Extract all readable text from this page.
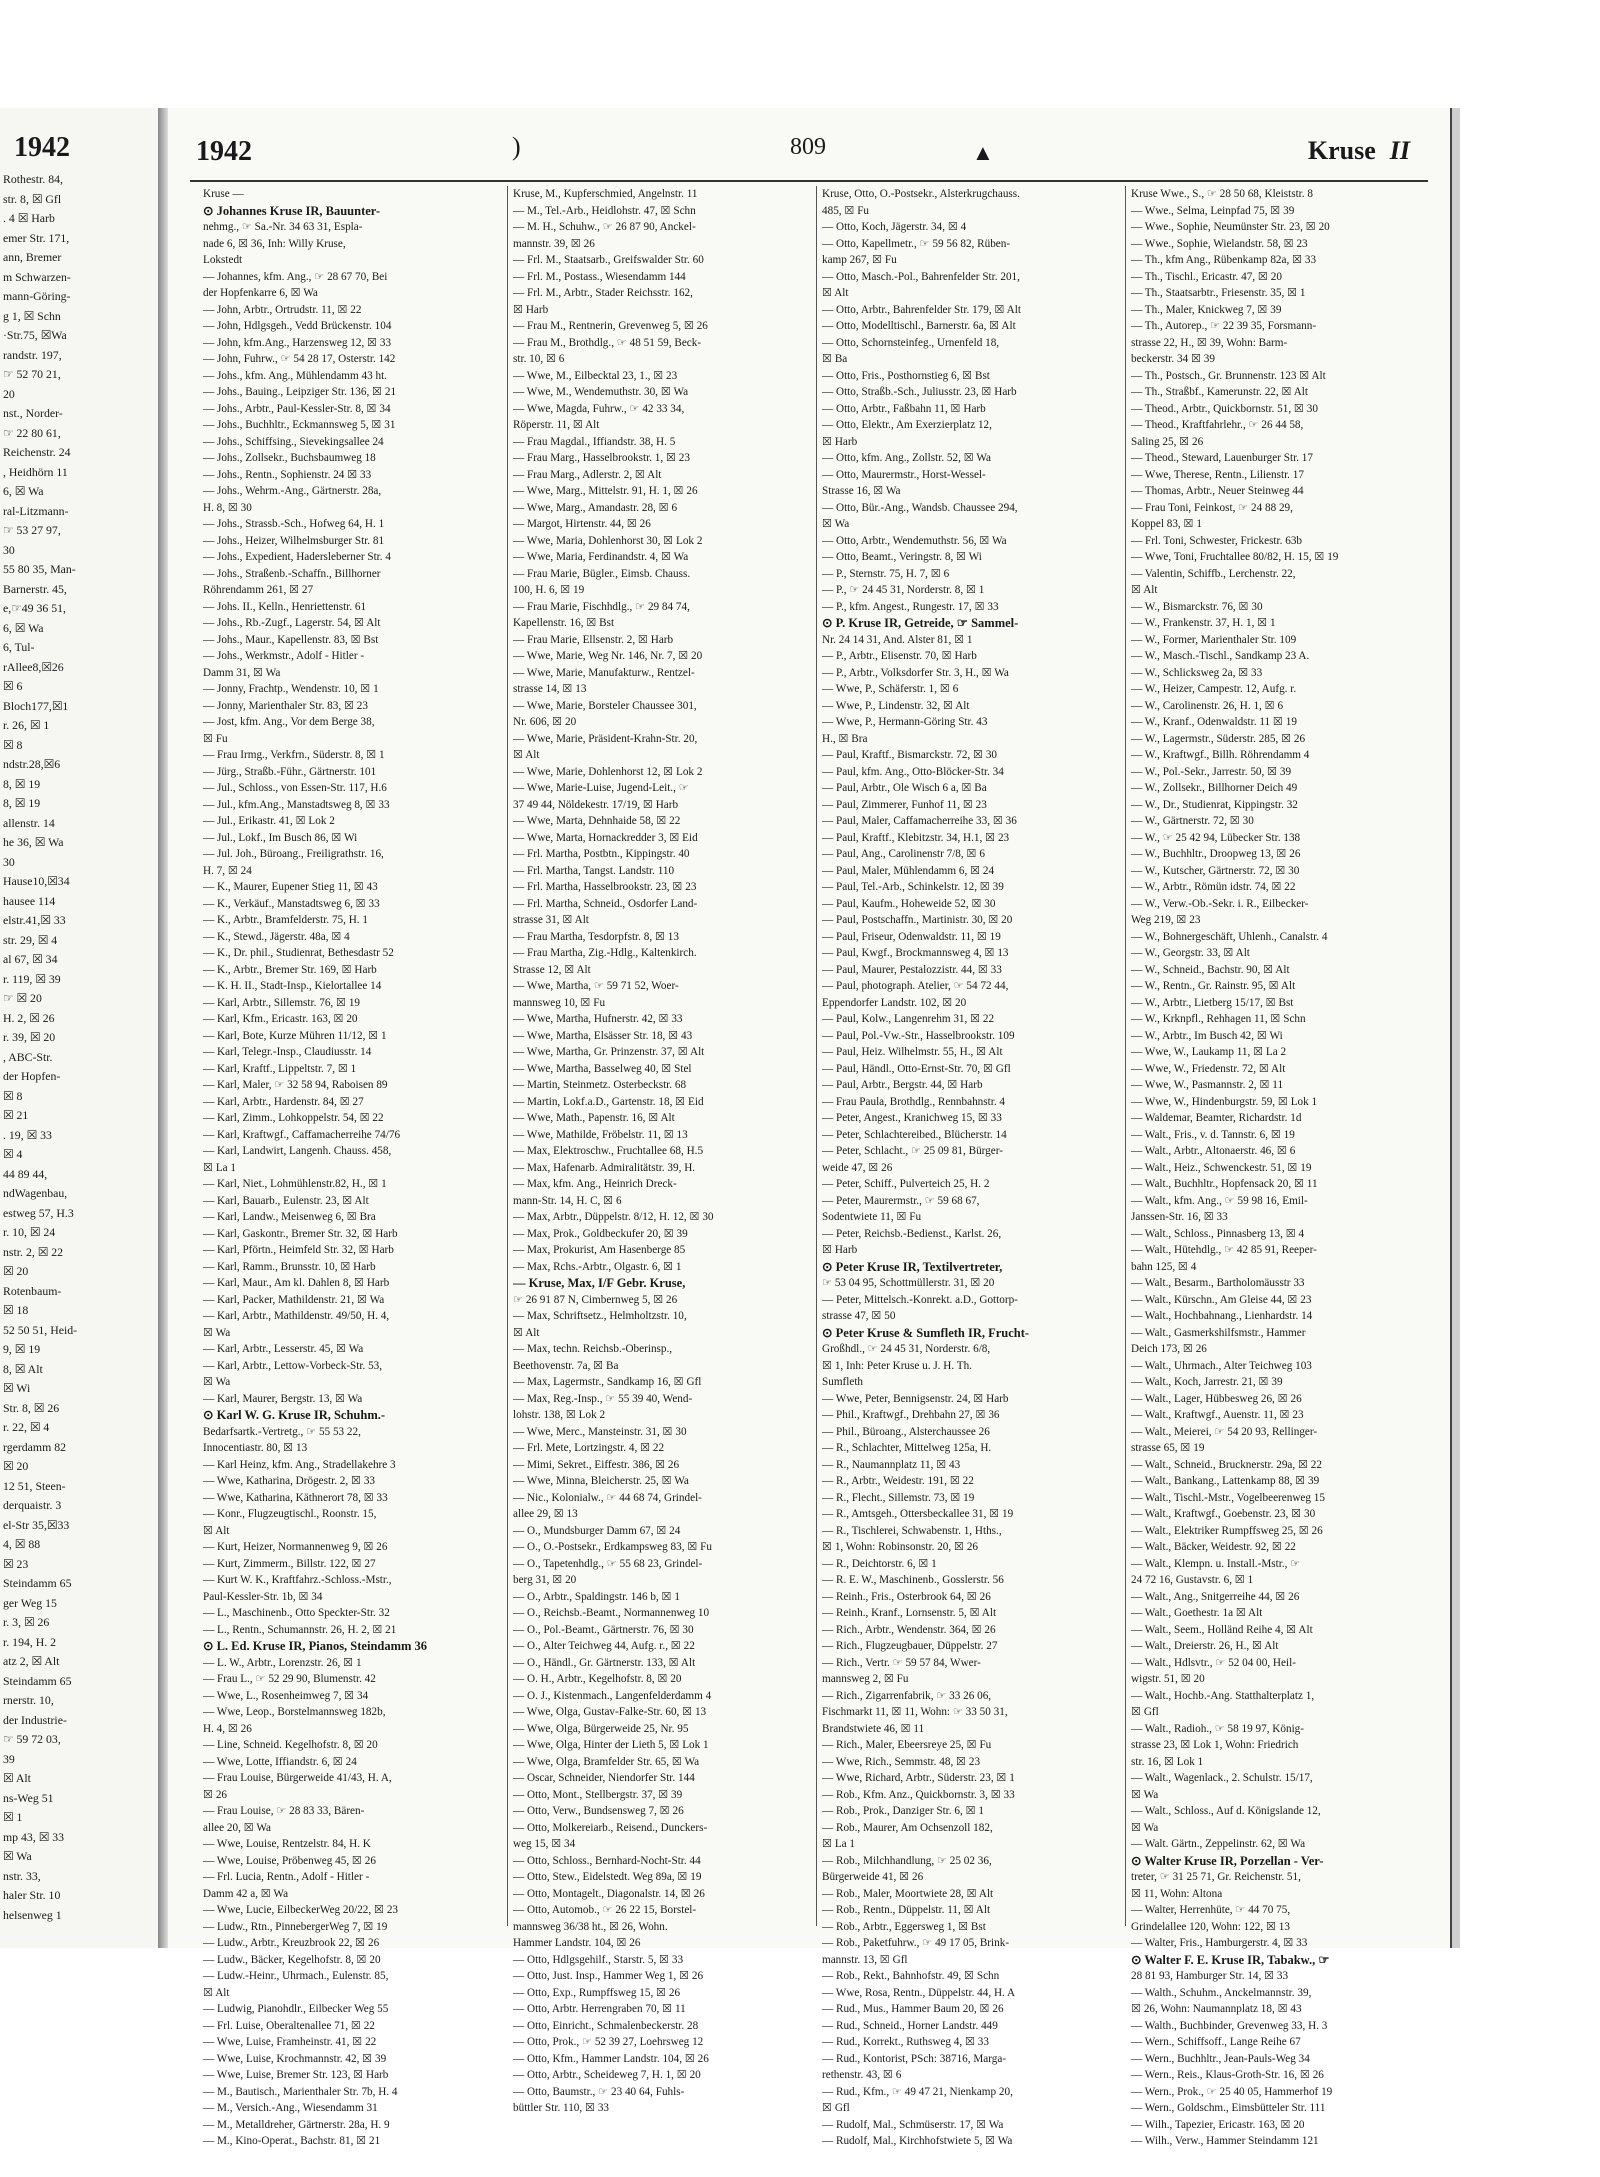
1942
Rothestr. 84,
str. 8, ☒ Gfl
. 4 ☒ Harb
emer Str. 171,
ann, Bremer
m Schwarzen-
mann-Göring-
g 1, ☒ Schn
·Str.75, ☒Wa
randstr. 197,
☞ 52 70 21,
20
nst., Norder-
☞ 22 80 61,
Reichenstr. 24
, Heidhörn 11
6, ☒ Wa
ral-Litzmann-
☞ 53 27 97,
30
55 80 35, Man-
Barnerstr. 45,
e,☞49 36 51,
6, ☒ Wa
6, Tul-
rAllee8,☒26
☒ 6
Bloch177,☒1
r. 26, ☒ 1
☒ 8
ndstr.28,☒6
8, ☒ 19
8, ☒ 19
allenstr. 14
he 36, ☒ Wa
30
Hause10,☒34
hausee 114
elstr.41,☒ 33
str. 29, ☒ 4
al 67, ☒ 34
r. 119, ☒ 39
☞ ☒ 20
H. 2, ☒ 26
r. 39, ☒ 20
, ABC-Str.
der Hopfen-
☒ 8
☒ 21
. 19, ☒ 33
☒ 4
44 89 44,
ndWagenbau,
estweg 57, H.3
r. 10, ☒ 24
nstr. 2, ☒ 22
☒ 20
Rotenbaum-
☒ 18
52 50 51, Heid-
9, ☒ 19
8, ☒ Alt
☒ Wi
Str. 8, ☒ 26
r. 22, ☒ 4
rgerdamm 82
☒ 20
12 51, Steen-
derquaistr. 3
el-Str 35,☒33
4, ☒ 88
☒ 23
Steindamm 65
ger Weg 15
r. 3, ☒ 26
r. 194, H. 2
atz 2, ☒ Alt
Steindamm 65
rnerstr. 10,
der Industrie-
☞ 59 72 03,
39
☒ Alt
ns-Weg 51
☒ 1
mp 43, ☒ 33
☒ Wa
nstr. 33,
haler Str. 10
helsenweg 1
1942	)	809	▲	Kruse II
Kruse —
⊙ Johannes Kruse IR, Bauunter-
nehmg., ☞ Sa.-Nr. 34 63 31, Espla-
nade 6, ☒ 36, Inh: Willy Kruse,
Lokstedt
— Johannes, kfm. Ang., ☞ 28 67 70, Bei
der Hopfenkarre 6, ☒ Wa
— John, Arbtr., Ortrudstr. 11, ☒ 22
— John, Hdlgsgeh., Vedd Brückenstr. 104
— John, kfm.Ang., Harzensweg 12, ☒ 33
— John, Fuhrw., ☞ 54 28 17, Osterstr. 142
— Johs., kfm. Ang., Mühlendamm 43 ht.
— Johs., Bauing., Leipziger Str. 136, ☒ 21
— Johs., Arbtr., Paul-Kessler-Str. 8, ☒ 34
— Johs., Buchhltr., Eckmannsweg 5, ☒ 31
— Johs., Schiffsing., Sievekingsallee 24
— Johs., Zollsekr., Buchsbaumweg 18
— Johs., Rentn., Sophienstr. 24 ☒ 33
— Johs., Wehrm.-Ang., Gärtnerstr. 28a,
H. 8, ☒ 30
— Johs., Strassb.-Sch., Hofweg 64, H. 1
— Johs., Heizer, Wilhelmsburger Str. 81
— Johs., Expedient, Hadersleberner Str. 4
— Johs., Straßenb.-Schaffn., Billhorner
Röhrendamm 261, ☒ 27
— Johs. II., Kelln., Henriettenstr. 61
— Johs., Rb.-Zugf., Lagerstr. 54, ☒ Alt
— Johs., Maur., Kapellenstr. 83, ☒ Bst
— Johs., Werkmstr., Adolf - Hitler -
Damm 31, ☒ Wa
— Jonny, Frachtp., Wendenstr. 10, ☒ 1
— Jonny, Marienthaler Str. 83, ☒ 23
— Jost, kfm. Ang., Vor dem Berge 38,
☒ Fu
— Frau Irmg., Verkfrn., Süderstr. 8, ☒ 1
— Jürg., Straßb.-Führ., Gärtnerstr. 101
— Jul., Schloss., von Essen-Str. 117, H.6
— Jul., kfm.Ang., Manstadtsweg 8, ☒ 33
— Jul., Erikastr. 41, ☒ Lok 2
— Jul., Lokf., Im Busch 86, ☒ Wi
— Jul. Joh., Büroang., Freiligrathstr. 16,
H. 7, ☒ 24
— K., Maurer, Eupener Stieg 11, ☒ 43
— K., Verkäuf., Manstadtsweg 6, ☒ 33
— K., Arbtr., Bramfelderstr. 75, H. 1
— K., Stewd., Jägerstr. 48a, ☒ 4
— K., Dr. phil., Studienrat, Bethesdastr 52
— K., Arbtr., Bremer Str. 169, ☒ Harb
— K. H. II., Stadt-Insp., Kielortallee 14
— Karl, Arbtr., Sillemstr. 76, ☒ 19
— Karl, Kfm., Ericastr. 163, ☒ 20
— Karl, Bote, Kurze Mühren 11/12, ☒ 1
— Karl, Telegr.-Insp., Claudiusstr. 14
— Karl, Kraftf., Lippeltstr. 7, ☒ 1
— Karl, Maler, ☞ 32 58 94, Raboisen 89
— Karl, Arbtr., Hardenstr. 84, ☒ 27
— Karl, Zimm., Lohkoppelstr. 54, ☒ 22
— Karl, Kraftwgf., Caffamacherreihe 74/76
— Karl, Landwirt, Langenh. Chauss. 458,
☒ La 1
— Karl, Niet., Lohmühlenstr.82, H., ☒ 1
— Karl, Bauarb., Eulenstr. 23, ☒ Alt
— Karl, Landw., Meisenweg 6, ☒ Bra
— Karl, Gaskontr., Bremer Str. 32, ☒ Harb
— Karl, Pförtn., Heimfeld Str. 32, ☒ Harb
— Karl, Ramm., Brunsstr. 10, ☒ Harb
— Karl, Maur., Am kl. Dahlen 8, ☒ Harb
— Karl, Packer, Mathildenstr. 21, ☒ Wa
— Karl, Arbtr., Mathildenstr. 49/50, H. 4,
☒ Wa
— Karl, Arbtr., Lesserstr. 45, ☒ Wa
— Karl, Arbtr., Lettow-Vorbeck-Str. 53,
☒ Wa
— Karl, Maurer, Bergstr. 13, ☒ Wa
⊙ Karl W. G. Kruse IR, Schuhm.-
Bedarfsartk.-Vertretg., ☞ 55 53 22,
Innocentiastr. 80, ☒ 13
— Karl Heinz, kfm. Ang., Stradellakehre 3
— Wwe, Katharina, Drögestr. 2, ☒ 33
— Wwe, Katharina, Käthnerort 78, ☒ 33
— Konr., Flugzeugtischl., Roonstr. 15,
☒ Alt
— Kurt, Heizer, Normannenweg 9, ☒ 26
— Kurt, Zimmerm., Billstr. 122, ☒ 27
— Kurt W. K., Kraftfahrz.-Schloss.-Mstr.,
Paul-Kessler-Str. 1b, ☒ 34
— L., Maschinenb., Otto Speckter-Str. 32
— L., Rentn., Schumannstr. 26, H. 2, ☒ 21
⊙ L. Ed. Kruse IR, Pianos, Steindamm 36
— L. W., Arbtr., Lorenzstr. 26, ☒ 1
— Frau L., ☞ 52 29 90, Blumenstr. 42
— Wwe, L., Rosenheimweg 7, ☒ 34
— Wwe, Leop., Borstelmannsweg 182b,
H. 4, ☒ 26
— Line, Schneid. Kegelhofstr. 8, ☒ 20
— Wwe, Lotte, Iffiandstr. 6, ☒ 24
— Frau Louise, Bürgerweide 41/43, H. A,
☒ 26
— Frau Louise, ☞ 28 83 33, Bären-
allee 20, ☒ Wa
— Wwe, Louise, Rentzelstr. 84, H. K
— Wwe, Louise, Pröbenweg 45, ☒ 26
— Frl. Lucia, Rentn., Adolf - Hitler -
Damm 42 a, ☒ Wa
— Wwe, Lucie, EilbeckerWeg 20/22, ☒ 23
— Ludw., Rtn., PinnebergerWeg 7, ☒ 19
— Ludw., Arbtr., Kreuzbrook 22, ☒ 26
— Ludw., Bäcker, Kegelhofstr. 8, ☒ 20
— Ludw.-Heinr., Uhrmach., Eulenstr. 85,
☒ Alt
— Ludwig, Pianohdlr., Eilbecker Weg 55
— Frl. Luise, Oberaltenallee 71, ☒ 22
— Wwe, Luise, Framheinstr. 41, ☒ 22
— Wwe, Luise, Krochmannstr. 42, ☒ 39
— Wwe, Luise, Bremer Str. 123, ☒ Harb
— M., Bautisch., Marienthaler Str. 7b, H. 4
— M., Versich.-Ang., Wiesendamm 31
— M., Metalldreher, Gärtnerstr. 28a, H. 9
— M., Kino-Operat., Bachstr. 81, ☒ 21
Kruse, M., Kupferschmied, Angelnstr. 11
— M., Tel.-Arb., Heidlohstr. 47, ☒ Schn
— M. H., Schuhw., ☞ 26 87 90, Anckel-
mannstr. 39, ☒ 26
— Frl. M., Staatsarb., Greifswalder Str. 60
— Frl. M., Postass., Wiesendamm 144
— Frl. M., Arbtr., Stader Reichsstr. 162,
☒ Harb
— Frau M., Rentnerin, Grevenweg 5, ☒ 26
— Frau M., Brothdlg., ☞ 48 51 59, Beck-
str. 10, ☒ 6
— Wwe, M., Eilbecktal 23, 1., ☒ 23
— Wwe, M., Wendemuthstr. 30, ☒ Wa
— Wwe, Magda, Fuhrw., ☞ 42 33 34,
Röperstr. 11, ☒ Alt
— Frau Magdal., Iffiandstr. 38, H. 5
— Frau Marg., Hasselbrookstr. 1, ☒ 23
— Frau Marg., Adlerstr. 2, ☒ Alt
— Wwe, Marg., Mittelstr. 91, H. 1, ☒ 26
— Wwe, Marg., Amandastr. 28, ☒ 6
— Margot, Hirtenstr. 44, ☒ 26
— Wwe, Maria, Dohlenhorst 30, ☒ Lok 2
— Wwe, Maria, Ferdinandstr. 4, ☒ Wa
— Frau Marie, Bügler., Eimsb. Chauss.
100, H. 6, ☒ 19
— Frau Marie, Fischhdlg., ☞ 29 84 74,
Kapellenstr. 16, ☒ Bst
— Frau Marie, Ellsenstr. 2, ☒ Harb
— Wwe, Marie, Weg Nr. 146, Nr. 7, ☒ 20
— Wwe, Marie, Manufakturw., Rentzel-
strasse 14, ☒ 13
— Wwe, Marie, Borsteler Chaussee 301,
Nr. 606, ☒ 20
— Wwe, Marie, Präsident-Krahn-Str. 20,
☒ Alt
— Wwe, Marie, Dohlenhorst 12, ☒ Lok 2
— Wwe, Marie-Luise, Jugend-Leit., ☞
37 49 44, Nöldekestr. 17/19, ☒ Harb
— Wwe, Marta, Dehnhaide 58, ☒ 22
— Wwe, Marta, Hornackredder 3, ☒ Eid
— Frl. Martha, Postbtn., Kippingstr. 40
— Frl. Martha, Tangst. Landstr. 110
— Frl. Martha, Hasselbrookstr. 23, ☒ 23
— Frl. Martha, Schneid., Osdorfer Land-
strasse 31, ☒ Alt
— Frau Martha, Tesdorpfstr. 8, ☒ 13
— Frau Martha, Zig.-Hdlg., Kaltenkirch.
Strasse 12, ☒ Alt
— Wwe, Martha, ☞ 59 71 52, Woer-
mannsweg 10, ☒ Fu
— Wwe, Martha, Hufnerstr. 42, ☒ 33
— Wwe, Martha, Elsässer Str. 18, ☒ 43
— Wwe, Martha, Gr. Prinzenstr. 37, ☒ Alt
— Wwe, Martha, Basselweg 40, ☒ Stel
— Martin, Steinmetz. Osterbeckstr. 68
— Martin, Lokf.a.D., Gartenstr. 18, ☒ Eid
— Wwe, Math., Papenstr. 16, ☒ Alt
— Wwe, Mathilde, Fröbelstr. 11, ☒ 13
— Max, Elektroschw., Fruchtallee 68, H.5
— Max, Hafenarb. Admiralitätstr. 39, H.
— Max, kfm. Ang., Heinrich Dreck-
mann-Str. 14, H. C, ☒ 6
— Max, Arbtr., Düppelstr. 8/12, H. 12, ☒ 30
— Max, Prok., Goldbeckufer 20, ☒ 39
— Max, Prokurist, Am Hasenberge 85
— Max, Rchs.-Arbtr., Olgastr. 6, ☒ 1
— Kruse, Max, I/F Gebr. Kruse,
☞ 26 91 87 N, Cimbernweg 5, ☒ 26
— Max, Schriftsetz., Helmholtzstr. 10,
☒ Alt
— Max, techn. Reichsb.-Oberinsp.,
Beethovenstr. 7a, ☒ Ba
— Max, Lagermstr., Sandkamp 16, ☒ Gfl
— Max, Reg.-Insp., ☞ 55 39 40, Wend-
lohstr. 138, ☒ Lok 2
— Wwe, Merc., Mansteinstr. 31, ☒ 30
— Frl. Mete, Lortzingstr. 4, ☒ 22
— Mimi, Sekret., Eiffestr. 386, ☒ 26
— Wwe, Minna, Bleicherstr. 25, ☒ Wa
— Nic., Kolonialw., ☞ 44 68 74, Grindel-
allee 29, ☒ 13
— O., Mundsburger Damm 67, ☒ 24
— O., O.-Postsekr., Erdkampsweg 83, ☒ Fu
— O., Tapetenhdlg., ☞ 55 68 23, Grindel-
berg 31, ☒ 20
— O., Arbtr., Spaldingstr. 146 b, ☒ 1
— O., Reichsb.-Beamt., Normannenweg 10
— O., Pol.-Beamt., Gärtnerstr. 76, ☒ 30
— O., Alter Teichweg 44, Aufg. r., ☒ 22
— O., Händl., Gr. Gärtnerstr. 133, ☒ Alt
— O. H., Arbtr., Kegelhofstr. 8, ☒ 20
— O. J., Kistenmach., Langenfelderdamm 4
— Wwe, Olga, Gustav-Falke-Str. 60, ☒ 13
— Wwe, Olga, Bürgerweide 25, Nr. 95
— Wwe, Olga, Hinter der Lieth 5, ☒ Lok 1
— Wwe, Olga, Bramfelder Str. 65, ☒ Wa
— Oscar, Schneider, Niendorfer Str. 144
— Otto, Mont., Stellbergstr. 37, ☒ 39
— Otto, Verw., Bundsensweg 7, ☒ 26
— Otto, Molkereiarb., Reisend., Dunckers-
weg 15, ☒ 34
— Otto, Schloss., Bernhard-Nocht-Str. 44
— Otto, Stew., Eidelstedt. Weg 89a, ☒ 19
— Otto, Montagelt., Diagonalstr. 14, ☒ 26
— Otto, Automob., ☞ 26 22 15, Borstel-
mannsweg 36/38 ht., ☒ 26, Wohn.
Hammer Landstr. 104, ☒ 26
— Otto, Hdlgsgehilf., Starstr. 5, ☒ 33
— Otto, Just. Insp., Hammer Weg 1, ☒ 26
— Otto, Exp., Rumpffsweg 15, ☒ 26
— Otto, Arbtr. Herrengraben 70, ☒ 11
— Otto, Einricht., Schmalenbeckerstr. 28
— Otto, Prok., ☞ 52 39 27, Loehrsweg 12
— Otto, Kfm., Hammer Landstr. 104, ☒ 26
— Otto, Arbtr., Scheideweg 7, H. 1, ☒ 20
— Otto, Baumstr., ☞ 23 40 64, Fuhls-
büttler Str. 110, ☒ 33
Kruse, Otto, O.-Postsekr., Alsterkrugchauss.
485, ☒ Fu
— Otto, Koch, Jägerstr. 34, ☒ 4
— Otto, Kapellmetr., ☞ 59 56 82, Rüben-
kamp 267, ☒ Fu
— Otto, Masch.-Pol., Bahrenfelder Str. 201,
☒ Alt
— Otto, Arbtr., Bahrenfelder Str. 179, ☒ Alt
— Otto, Modelltischl., Barnerstr. 6a, ☒ Alt
— Otto, Schornsteinfeg., Urnenfeld 18,
☒ Ba
— Otto, Fris., Posthornstieg 6, ☒ Bst
— Otto, Straßb.-Sch., Juliusstr. 23, ☒ Harb
— Otto, Arbtr., Faßbahn 11, ☒ Harb
— Otto, Elektr., Am Exerzierplatz 12,
☒ Harb
— Otto, kfm. Ang., Zollstr. 52, ☒ Wa
— Otto, Maurermstr., Horst-Wessel-
Strasse 16, ☒ Wa
— Otto, Bür.-Ang., Wandsb. Chaussee 294,
☒ Wa
— Otto, Arbtr., Wendemuthstr. 56, ☒ Wa
— Otto, Beamt., Veringstr. 8, ☒ Wi
— P., Sternstr. 75, H. 7, ☒ 6
— P., ☞ 24 45 31, Norderstr. 8, ☒ 1
— P., kfm. Angest., Rungestr. 17, ☒ 33
⊙ P. Kruse IR, Getreide, ☞ Sammel-
Nr. 24 14 31, And. Alster 81, ☒ 1
— P., Arbtr., Elisenstr. 70, ☒ Harb
— P., Arbtr., Volksdorfer Str. 3, H., ☒ Wa
— Wwe, P., Schäferstr. 1, ☒ 6
— Wwe, P., Lindenstr. 32, ☒ Alt
— Wwe, P., Hermann-Göring Str. 43
H., ☒ Bra
— Paul, Kraftf., Bismarckstr. 72, ☒ 30
— Paul, kfm. Ang., Otto-Blöcker-Str. 34
— Paul, Arbtr., Ole Wisch 6 a, ☒ Ba
— Paul, Zimmerer, Funhof 11, ☒ 23
— Paul, Maler, Caffamacherreihe 33, ☒ 36
— Paul, Kraftf., Klebitzstr. 34, H.1, ☒ 23
— Paul, Ang., Carolinenstr 7/8, ☒ 6
— Paul, Maler, Mühlendamm 6, ☒ 24
— Paul, Tel.-Arb., Schinkelstr. 12, ☒ 39
— Paul, Kaufm., Hoheweide 52, ☒ 30
— Paul, Postschaffn., Martinistr. 30, ☒ 20
— Paul, Friseur, Odenwaldstr. 11, ☒ 19
— Paul, Kwgf., Brockmannsweg 4, ☒ 13
— Paul, Maurer, Pestalozzistr. 44, ☒ 33
— Paul, photograph. Atelier, ☞ 54 72 44,
Eppendorfer Landstr. 102, ☒ 20
— Paul, Kolw., Langenrehm 31, ☒ 22
— Paul, Pol.-Vw.-Str., Hasselbrookstr. 109
— Paul, Heiz. Wilhelmstr. 55, H., ☒ Alt
— Paul, Händl., Otto-Ernst-Str. 70, ☒ Gfl
— Paul, Arbtr., Bergstr. 44, ☒ Harb
— Frau Paula, Brothdlg., Rennbahnstr. 4
— Peter, Angest., Kranichweg 15, ☒ 33
— Peter, Schlachtereibed., Blücherstr. 14
— Peter, Schlacht., ☞ 25 09 81, Bürger-
weide 47, ☒ 26
— Peter, Schiff., Pulverteich 25, H. 2
— Peter, Maurermstr., ☞ 59 68 67,
Sodentwiete 11, ☒ Fu
— Peter, Reichsb.-Bedienst., Karlst. 26,
☒ Harb
⊙ Peter Kruse IR, Textilvertreter,
☞ 53 04 95, Schottmüllerstr. 31, ☒ 20
— Peter, Mittelsch.-Konrekt. a.D., Gottorp-
strasse 47, ☒ 50
⊙ Peter Kruse & Sumfleth IR, Frucht-
Großhdl., ☞ 24 45 31, Norderstr. 6/8,
☒ 1, Inh: Peter Kruse u. J. H. Th.
Sumfleth
— Wwe, Peter, Bennigsenstr. 24, ☒ Harb
— Phil., Kraftwgf., Drehbahn 27, ☒ 36
— Phil., Büroang., Alsterchaussee 26
— R., Schlachter, Mittelweg 125a, H.
— R., Naumannplatz 11, ☒ 43
— R., Arbtr., Weidestr. 191, ☒ 22
— R., Flecht., Sillemstr. 73, ☒ 19
— R., Amtsgeh., Ottersbeckallee 31, ☒ 19
— R., Tischlerei, Schwabenstr. 1, Hths.,
☒ 1, Wohn: Robinsonstr. 20, ☒ 26
— R., Deichtorstr. 6, ☒ 1
— R. E. W., Maschinenb., Gosslerstr. 56
— Reinh., Fris., Osterbrook 64, ☒ 26
— Reinh., Kranf., Lornsenstr. 5, ☒ Alt
— Rich., Arbtr., Wendenstr. 364, ☒ 26
— Rich., Flugzeugbauer, Düppelstr. 27
— Rich., Vertr. ☞ 59 57 84, Wwer-
mannsweg 2, ☒ Fu
— Rich., Zigarrenfabrik, ☞ 33 26 06,
Fischmarkt 11, ☒ 11, Wohn: ☞ 33 50 31,
Brandstwiete 46, ☒ 11
— Rich., Maler, Ebeersreye 25, ☒ Fu
— Wwe, Rich., Semmstr. 48, ☒ 23
— Wwe, Richard, Arbtr., Süderstr. 23, ☒ 1
— Rob., Kfm. Anz., Quickbornstr. 3, ☒ 33
— Rob., Prok., Danziger Str. 6, ☒ 1
— Rob., Maurer, Am Ochsenzoll 182,
☒ La 1
— Rob., Milchhandlung, ☞ 25 02 36,
Bürgerweide 41, ☒ 26
— Rob., Maler, Moortwiete 28, ☒ Alt
— Rob., Rentn., Düppelstr. 11, ☒ Alt
— Rob., Arbtr., Eggersweg 1, ☒ Bst
— Rob., Paketfuhrw., ☞ 49 17 05, Brink-
mannstr. 13, ☒ Gfl
— Rob., Rekt., Bahnhofstr. 49, ☒ Schn
— Wwe, Rosa, Rentn., Düppelstr. 44, H. A
— Rud., Mus., Hammer Baum 20, ☒ 26
— Rud., Schneid., Horner Landstr. 449
— Rud., Korrekt., Ruthsweg 4, ☒ 33
— Rud., Kontorist, PSch: 38716, Marga-
rethenstr. 43, ☒ 6
— Rud., Kfm., ☞ 49 47 21, Nienkamp 20,
☒ Gfl
— Rudolf, Mal., Schmüserstr. 17, ☒ Wa
— Rudolf, Mal., Kirchhofstwiete 5, ☒ Wa
Kruse Wwe., S., ☞ 28 50 68, Kleiststr. 8
— Wwe., Selma, Leinpfad 75, ☒ 39
— Wwe., Sophie, Neumünster Str. 23, ☒ 20
— Wwe., Sophie, Wielandstr. 58, ☒ 23
— Th., kfm Ang., Rübenkamp 82a, ☒ 33
— Th., Tischl., Ericastr. 47, ☒ 20
— Th., Staatsarbtr., Friesenstr. 35, ☒ 1
— Th., Maler, Knickweg 7, ☒ 39
— Th., Autorep., ☞ 22 39 35, Forsmann-
strasse 22, H., ☒ 39, Wohn: Barm-
beckerstr. 34 ☒ 39
— Th., Postsch., Gr. Brunnenstr. 123 ☒ Alt
— Th., Straßbf., Kamerunstr. 22, ☒ Alt
— Theod., Arbtr., Quickbornstr. 51, ☒ 30
— Theod., Kraftfahrlehr., ☞ 26 44 58,
Saling 25, ☒ 26
— Theod., Steward, Lauenburger Str. 17
— Wwe, Therese, Rentn., Lilienstr. 17
— Thomas, Arbtr., Neuer Steinweg 44
— Frau Toni, Feinkost, ☞ 24 88 29,
Koppel 83, ☒ 1
— Frl. Toni, Schwester, Frickestr. 63b
— Wwe, Toni, Fruchtallee 80/82, H. 15, ☒ 19
— Valentin, Schiffb., Lerchenstr. 22,
☒ Alt
— W., Bismarckstr. 76, ☒ 30
— W., Frankenstr. 37, H. 1, ☒ 1
— W., Former, Marienthaler Str. 109
— W., Masch.-Tischl., Sandkamp 23 A.
— W., Schlicksweg 2a, ☒ 33
— W., Heizer, Campestr. 12, Aufg. r.
— W., Carolinenstr. 26, H. 1, ☒ 6
— W., Kranf., Odenwaldstr. 11 ☒ 19
— W., Lagermstr., Süderstr. 285, ☒ 26
— W., Kraftwgf., Billh. Röhrendamm 4
— W., Pol.-Sekr., Jarrestr. 50, ☒ 39
— W., Zollsekr., Billhorner Deich 49
— W., Dr., Studienrat, Kippingstr. 32
— W., Gärtnerstr. 72, ☒ 30
— W., ☞ 25 42 94, Lübecker Str. 138
— W., Buchhltr., Droopweg 13, ☒ 26
— W., Kutscher, Gärtnerstr. 72, ☒ 30
— W., Arbtr., Römün idstr. 74, ☒ 22
— W., Verw.-Ob.-Sekr. i. R., Eilbecker-
Weg 219, ☒ 23
— W., Bohnergeschäft, Uhlenh., Canalstr. 4
— W., Georgstr. 33, ☒ Alt
— W., Schneid., Bachstr. 90, ☒ Alt
— W., Rentn., Gr. Rainstr. 95, ☒ Alt
— W., Arbtr., Lietberg 15/17, ☒ Bst
— W., Krknpfl., Rehhagen 11, ☒ Schn
— W., Arbtr., Im Busch 42, ☒ Wi
— Wwe, W., Laukamp 11, ☒ La 2
— Wwe, W., Friedenstr. 72, ☒ Alt
— Wwe, W., Pasmannstr. 2, ☒ 11
— Wwe, W., Hindenburgstr. 59, ☒ Lok 1
— Waldemar, Beamter, Richardstr. 1d
— Walt., Fris., v. d. Tannstr. 6, ☒ 19
— Walt., Arbtr., Altonaerstr. 46, ☒ 6
— Walt., Heiz., Schwenckestr. 51, ☒ 19
— Walt., Buchhltr., Hopfensack 20, ☒ 11
— Walt., kfm. Ang., ☞ 59 98 16, Emil-
Janssen-Str. 16, ☒ 33
— Walt., Schloss., Pinnasberg 13, ☒ 4
— Walt., Hütehdlg., ☞ 42 85 91, Reeper-
bahn 125, ☒ 4
— Walt., Besarm., Bartholomäusstr 33
— Walt., Kürschn., Am Gleise 44, ☒ 23
— Walt., Hochbahnang., Lienhardstr. 14
— Walt., Gasmerkshilfsmstr., Hammer
Deich 173, ☒ 26
— Walt., Uhrmach., Alter Teichweg 103
— Walt., Koch, Jarrestr. 21, ☒ 39
— Walt., Lager, Hübbesweg 26, ☒ 26
— Walt., Kraftwgf., Auenstr. 11, ☒ 23
— Walt., Meierei, ☞ 54 20 93, Rellinger-
strasse 65, ☒ 19
— Walt., Schneid., Brucknerstr. 29a, ☒ 22
— Walt., Bankang., Lattenkamp 88, ☒ 39
— Walt., Tischl.-Mstr., Vogelbeerenweg 15
— Walt., Kraftwgf., Goebenstr. 23, ☒ 30
— Walt., Elektriker Rumpffsweg 25, ☒ 26
— Walt., Bäcker, Weidestr. 92, ☒ 22
— Walt., Klempn. u. Install.-Mstr., ☞
24 72 16, Gustavstr. 6, ☒ 1
— Walt., Ang., Snitgerreihe 44, ☒ 26
— Walt., Goethestr. 1a ☒ Alt
— Walt., Seem., Holländ Reihe 4, ☒ Alt
— Walt., Dreierstr. 26, H., ☒ Alt
— Walt., Hdlsvtr., ☞ 52 04 00, Heil-
wigstr. 51, ☒ 20
— Walt., Hochb.-Ang. Statthalterplatz 1,
☒ Gfl
— Walt., Radioh., ☞ 58 19 97, König-
strasse 23, ☒ Lok 1, Wohn: Friedrich
str. 16, ☒ Lok 1
— Walt., Wagenlack., 2. Schulstr. 15/17,
☒ Wa
— Walt., Schloss., Auf d. Königslande 12,
☒ Wa
— Walt. Gärtn., Zeppelinstr. 62, ☒ Wa
⊙ Walter Kruse IR, Porzellan - Ver-
treter, ☞ 31 25 71, Gr. Reichenstr. 51,
☒ 11, Wohn: Altona
— Walter, Herrenhüte, ☞ 44 70 75,
Grindelallee 120, Wohn: 122, ☒ 13
— Walter, Fris., Hamburgerstr. 4, ☒ 33
⊙ Walter F. E. Kruse IR, Tabakw., ☞
28 81 93, Hamburger Str. 14, ☒ 33
— Walth., Schuhm., Anckelmannstr. 39,
☒ 26, Wohn: Naumannplatz 18, ☒ 43
— Walth., Buchbinder, Grevenweg 33, H. 3
— Wern., Schiffsoff., Lange Reihe 67
— Wern., Buchhltr., Jean-Pauls-Weg 34
— Wern., Reis., Klaus-Groth-Str. 16, ☒ 26
— Wern., Prok., ☞ 25 40 05, Hammerhof 19
— Wern., Goldschm., Eimsbütteler Str. 111
— Wilh., Tapezier, Ericastr. 163, ☒ 20
— Wilh., Verw., Hammer Steindamm 121
